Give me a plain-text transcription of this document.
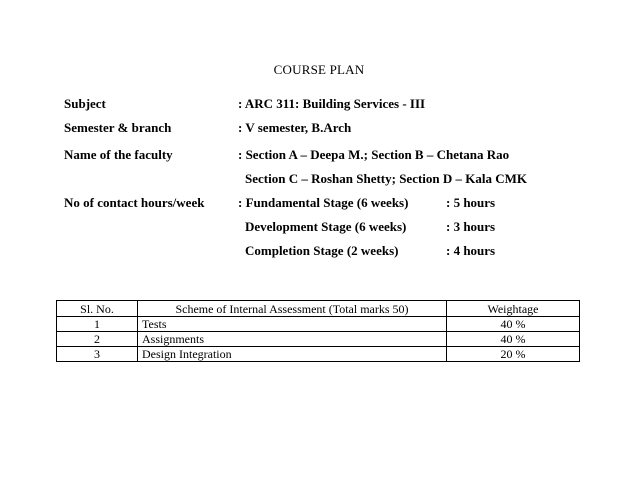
COURSE PLAN
Subject	: ARC 311: Building Services - III
Semester & branch	: V semester, B.Arch
Name of the faculty	: Section A – Deepa M.; Section B – Chetana Rao
Section C – Roshan Shetty; Section D – Kala CMK
No of contact hours/week	: Fundamental Stage (6 weeks)	: 5 hours
Development Stage (6 weeks)	: 3 hours
Completion Stage (2 weeks)	: 4 hours
Sl. No.	Scheme of Internal Assessment (Total marks 50)	Weightage
1	Tests	40 %
2	Assignments	40 %
3	Design Integration	20 %
